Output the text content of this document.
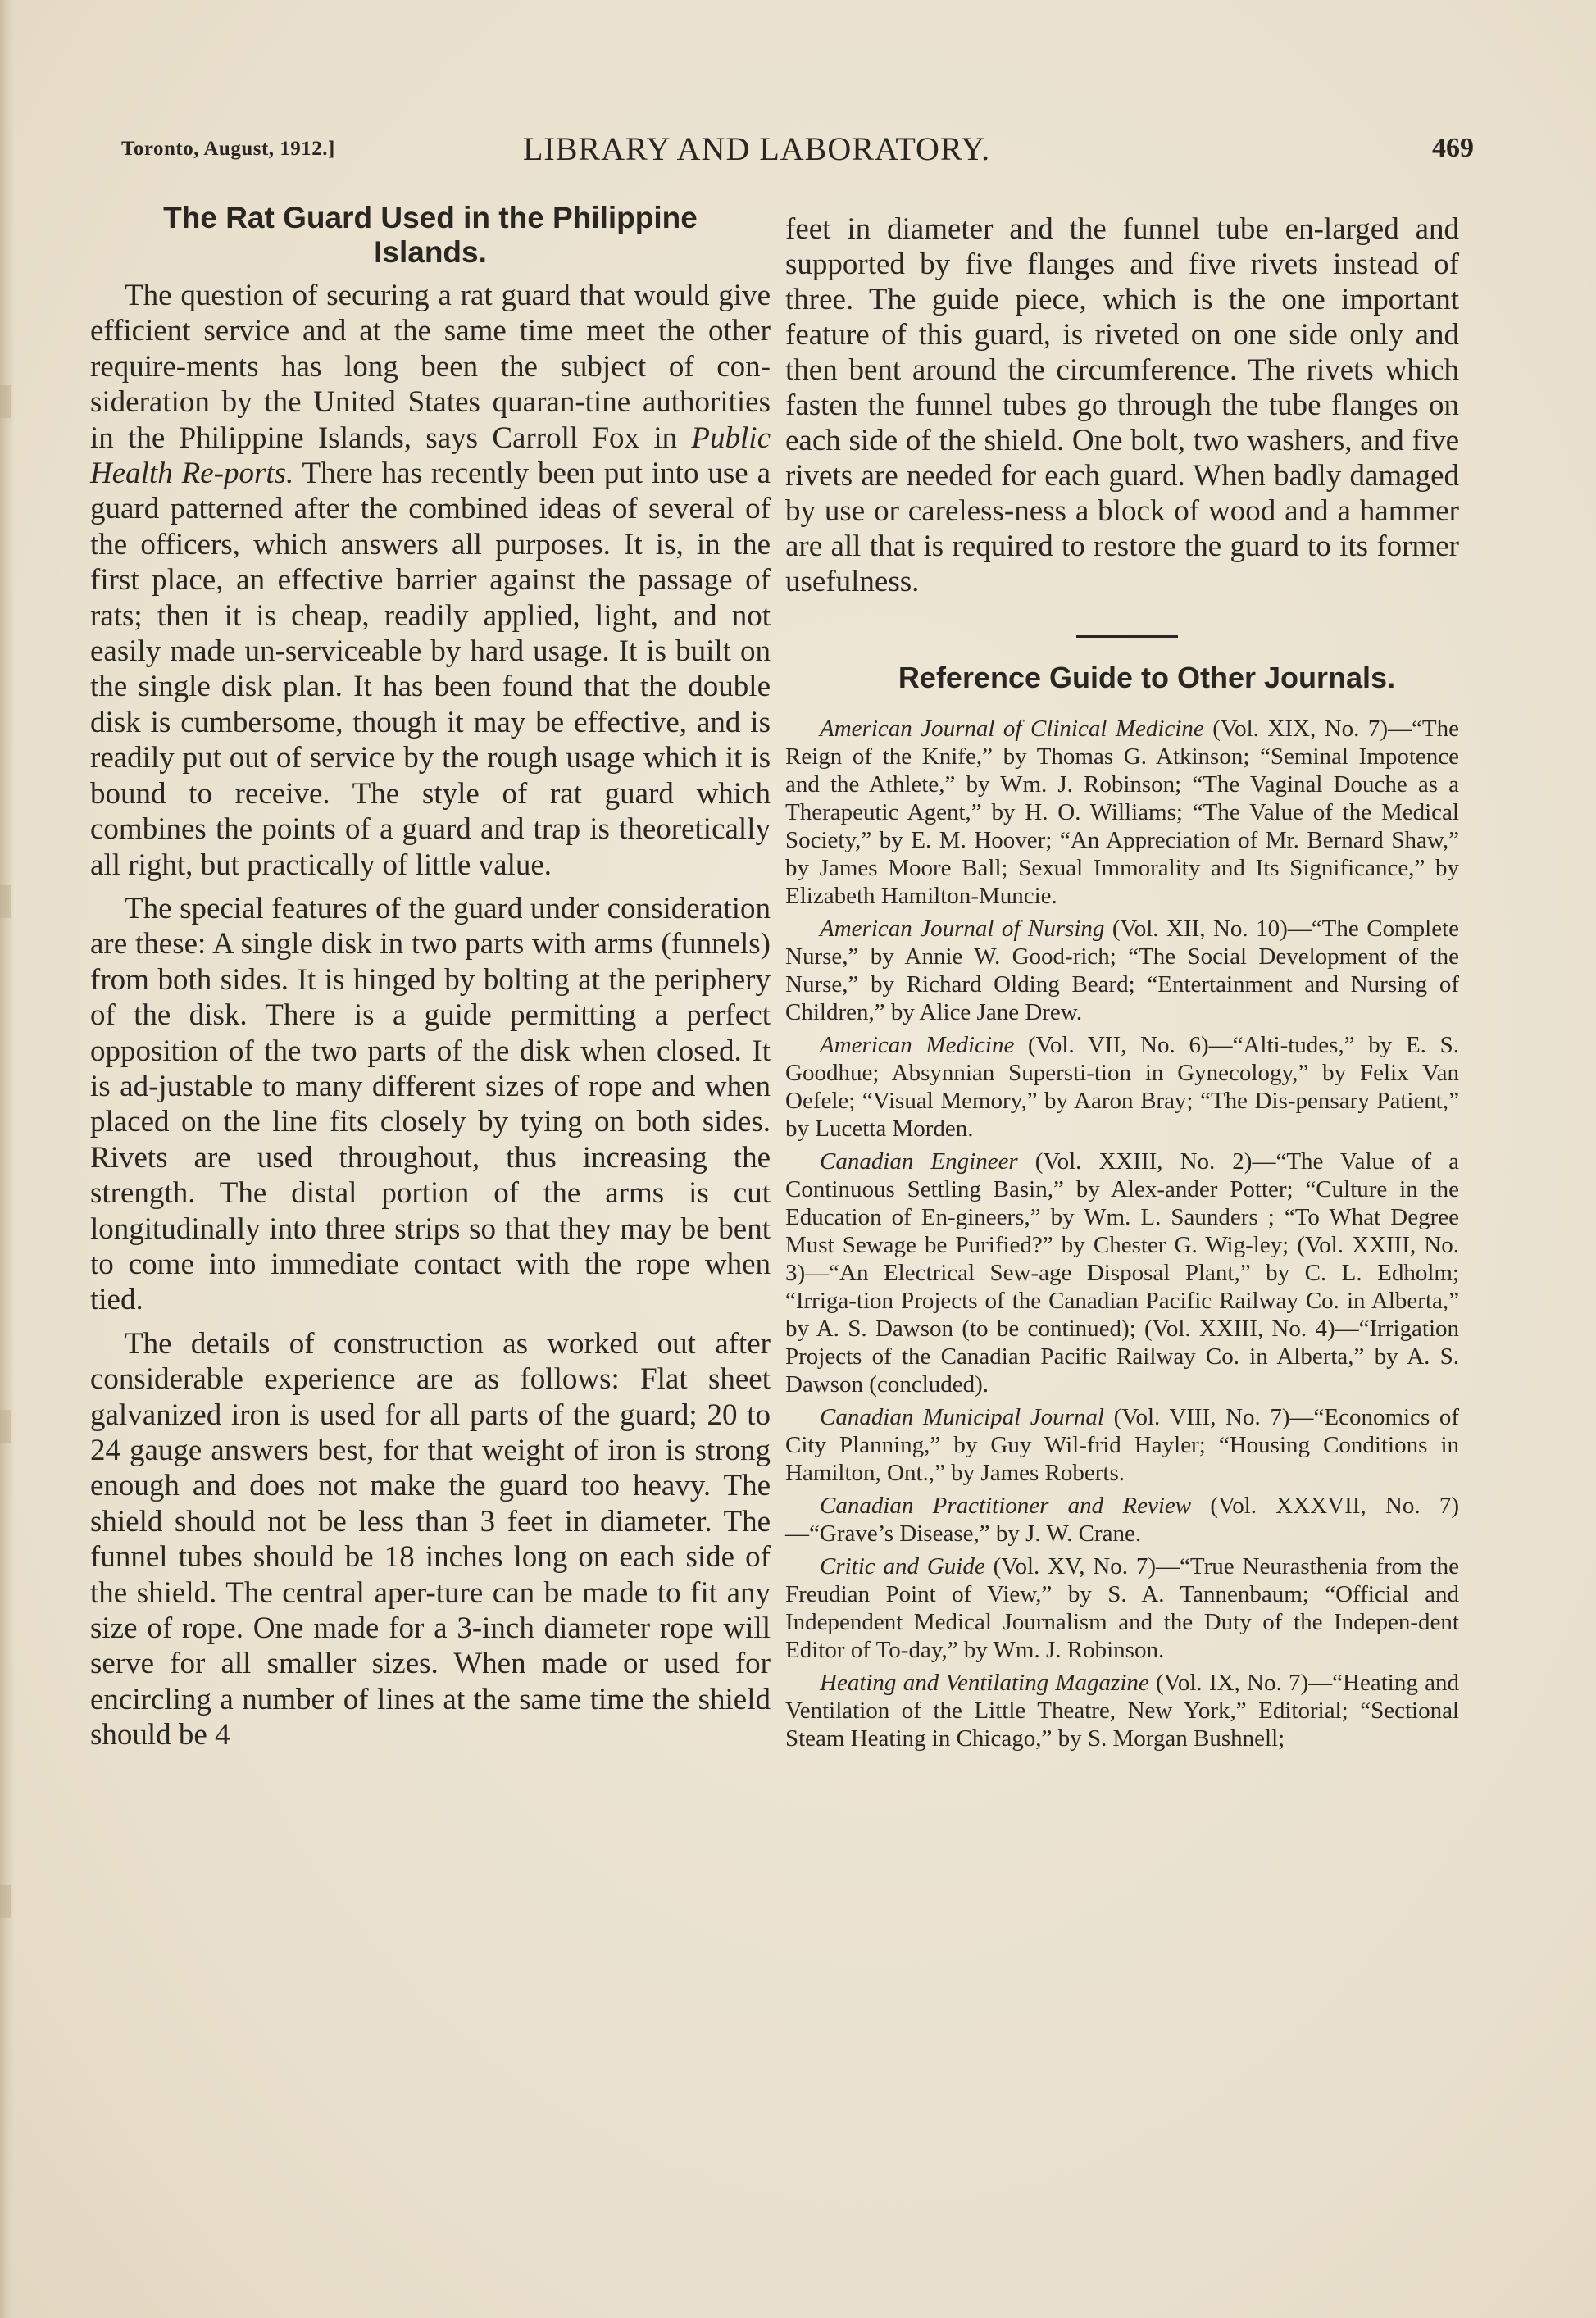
Toronto, August, 1912.]	LIBRARY AND LABORATORY.	469
The Rat Guard Used in the Philippine
Islands.

The question of securing a rat guard that would give efficient service and at the same time meet the other require-ments has long been the subject of con-sideration by the United States quaran-tine authorities in the Philippine Islands, says Carroll Fox in Public Health Re-ports. There has recently been put into use a guard patterned after the combined ideas of several of the officers, which answers all purposes. It is, in the first place, an effective barrier against the passage of rats; then it is cheap, readily applied, light, and not easily made un-serviceable by hard usage. It is built on the single disk plan. It has been found that the double disk is cumbersome, though it may be effective, and is readily put out of service by the rough usage which it is bound to receive. The style of rat guard which combines the points of a guard and trap is theoretically all right, but practically of little value.

The special features of the guard under consideration are these: A single disk in two parts with arms (funnels) from both sides. It is hinged by bolting at the periphery of the disk. There is a guide permitting a perfect opposition of the two parts of the disk when closed. It is ad-justable to many different sizes of rope and when placed on the line fits closely by tying on both sides. Rivets are used throughout, thus increasing the strength. The distal portion of the arms is cut longitudinally into three strips so that they may be bent to come into immediate contact with the rope when tied.

The details of construction as worked out after considerable experience are as follows: Flat sheet galvanized iron is used for all parts of the guard; 20 to 24 gauge answers best, for that weight of iron is strong enough and does not make the guard too heavy. The shield should not be less than 3 feet in diameter. The funnel tubes should be 18 inches long on each side of the shield. The central aper-ture can be made to fit any size of rope. One made for a 3-inch diameter rope will serve for all smaller sizes. When made or used for encircling a number of lines at the same time the shield should be 4

feet in diameter and the funnel tube en-larged and supported by five flanges and five rivets instead of three. The guide piece, which is the one important feature of this guard, is riveted on one side only and then bent around the circumference. The rivets which fasten the funnel tubes go through the tube flanges on each side of the shield. One bolt, two washers, and five rivets are needed for each guard. When badly damaged by use or careless-ness a block of wood and a hammer are all that is required to restore the guard to its former usefulness.

Reference Guide to Other Journals.

American Journal of Clinical Medicine (Vol. XIX, No. 7)—“The Reign of the Knife,” by Thomas G. Atkinson; “Seminal Impotence and the Athlete,” by Wm. J. Robinson; “The Vaginal Douche as a Therapeutic Agent,” by H. O. Williams; “The Value of the Medical Society,” by E. M. Hoover; “An Appreciation of Mr. Bernard Shaw,” by James Moore Ball; Sexual Immorality and Its Significance,” by Elizabeth Hamilton-Muncie.

American Journal of Nursing (Vol. XII, No. 10)—“The Complete Nurse,” by Annie W. Good-rich; “The Social Development of the Nurse,” by Richard Olding Beard; “Entertainment and Nursing of Children,” by Alice Jane Drew.

American Medicine (Vol. VII, No. 6)—“Alti-tudes,” by E. S. Goodhue; Absynnian Supersti-tion in Gynecology,” by Felix Van Oefele; “Visual Memory,” by Aaron Bray; “The Dis-pensary Patient,” by Lucetta Morden.

Canadian Engineer (Vol. XXIII, No. 2)—“The Value of a Continuous Settling Basin,” by Alex-ander Potter; “Culture in the Education of En-gineers,” by Wm. L. Saunders ; “To What Degree Must Sewage be Purified?” by Chester G. Wig-ley; (Vol. XXIII, No. 3)—“An Electrical Sew-age Disposal Plant,” by C. L. Edholm; “Irriga-tion Projects of the Canadian Pacific Railway Co. in Alberta,” by A. S. Dawson (to be continued); (Vol. XXIII, No. 4)—“Irrigation Projects of the Canadian Pacific Railway Co. in Alberta,” by A. S. Dawson (concluded).

Canadian Municipal Journal (Vol. VIII, No. 7)—“Economics of City Planning,” by Guy Wil-frid Hayler; “Housing Conditions in Hamilton, Ont.,” by James Roberts.

Canadian Practitioner and Review (Vol. XXXVII, No. 7)—“Grave’s Disease,” by J. W. Crane.

Critic and Guide (Vol. XV, No. 7)—“True Neurasthenia from the Freudian Point of View,” by S. A. Tannenbaum; “Official and Independent Medical Journalism and the Duty of the Indepen-dent Editor of To-day,” by Wm. J. Robinson.

Heating and Ventilating Magazine (Vol. IX, No. 7)—“Heating and Ventilation of the Little Theatre, New York,” Editorial; “Sectional Steam Heating in Chicago,” by S. Morgan Bushnell;
